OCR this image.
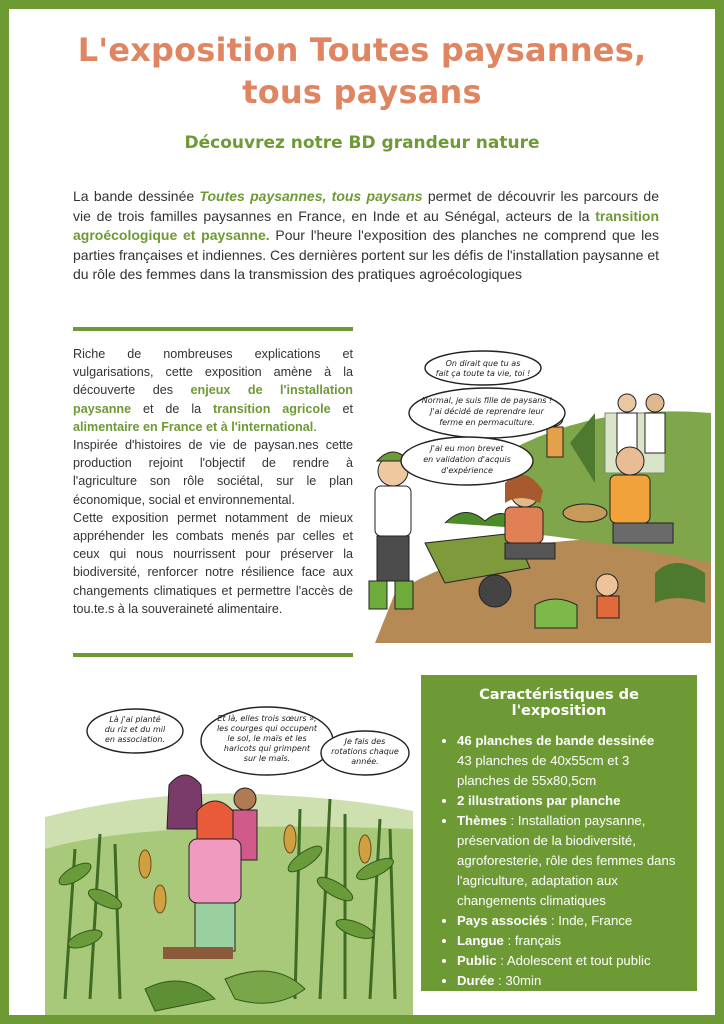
L'exposition Toutes paysannes,
tous paysans
Découvrez notre BD grandeur nature
La bande dessinée Toutes paysannes, tous paysans permet de découvrir les parcours de vie de trois familles paysannes en France, en Inde et au Sénégal, acteurs de la transition agroécologique et paysanne. Pour l'heure l'exposition des planches ne comprend que les parties françaises et indiennes. Ces dernières portent sur les défis de l'installation paysanne et du rôle des femmes dans la transmission des pratiques agroécologiques

Riche de nombreuses explications et vulgarisations, cette exposition amène à la découverte des enjeux de l'installation paysanne et de la transition agricole et alimentaire en France et à l'international.

Inspirée d'histoires de vie de paysan.nes cette production rejoint l'objectif de rendre à l'agriculture son rôle sociétal, sur le plan économique, social et environnemental.

Cette exposition permet notamment de mieux appréhender les combats menés par celles et ceux qui nous nourrissent pour préserver la biodiversité, renforcer notre résilience face aux changements climatiques et permettre l'accès de tou.te.s à la souveraineté alimentaire.

On dirait que tu as
fait ça toute ta vie, toi !
Normal, je suis fille de paysans !
J'ai décidé de reprendre leur
ferme en permaculture.
J'ai eu mon brevet
en validation d'acquis
d'expérience
Là j'ai planté
du riz et du mil
en association.
Et là, elles trois sœurs »,
les courges qui occupent
le sol, le maïs et les
haricots qui grimpent
sur le maïs.
Je fais des
rotations chaque
année.
Caractéristiques de l'exposition
• 46 planches de bande dessinée
43 planches de 40x55cm et 3 planches de 55x80,5cm
• 2 illustrations par planche
• Thèmes : Installation paysanne, préservation de la biodiversité, agroforesterie, rôle des femmes dans l'agriculture, adaptation aux changements climatiques
• Pays associés : Inde, France
• Langue : français
• Public : Adolescent et tout public
• Durée : 30min
